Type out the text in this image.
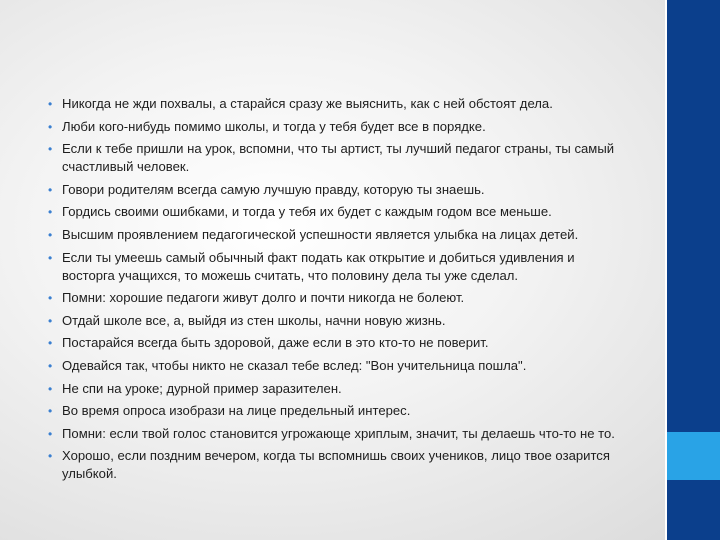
• Никогда не жди похвалы, а старайся сразу же выяснить, как с ней обстоят дела.
• Люби кого-нибудь помимо школы, и тогда у тебя будет все в порядке.
• Если к тебе пришли на урок, вспомни, что ты артист, ты лучший педагог страны, ты самый счастливый человек.
• Говори родителям всегда самую лучшую правду, которую ты знаешь.
• Гордись своими ошибками, и тогда у тебя их будет с каждым годом все меньше.
• Высшим проявлением педагогической успешности является улыбка на лицах детей.
• Если ты умеешь самый обычный факт подать как открытие и добиться удивления и восторга учащихся, то можешь считать, что половину дела ты уже сделал.
• Помни: хорошие педагоги живут долго и почти никогда не болеют.
• Отдай школе все, а, выйдя из стен школы, начни новую жизнь.
• Постарайся всегда быть здоровой, даже если в это кто-то не поверит.
• Одевайся так, чтобы никто не сказал тебе вслед: "Вон учительница пошла".
• Не спи на уроке; дурной пример заразителен.
• Во время опроса изобрази на лице предельный интерес.
• Помни: если твой голос становится угрожающе хриплым, значит, ты делаешь что-то не то.
• Хорошо, если поздним вечером, когда ты вспомнишь своих учеников, лицо твое озарится улыбкой.
